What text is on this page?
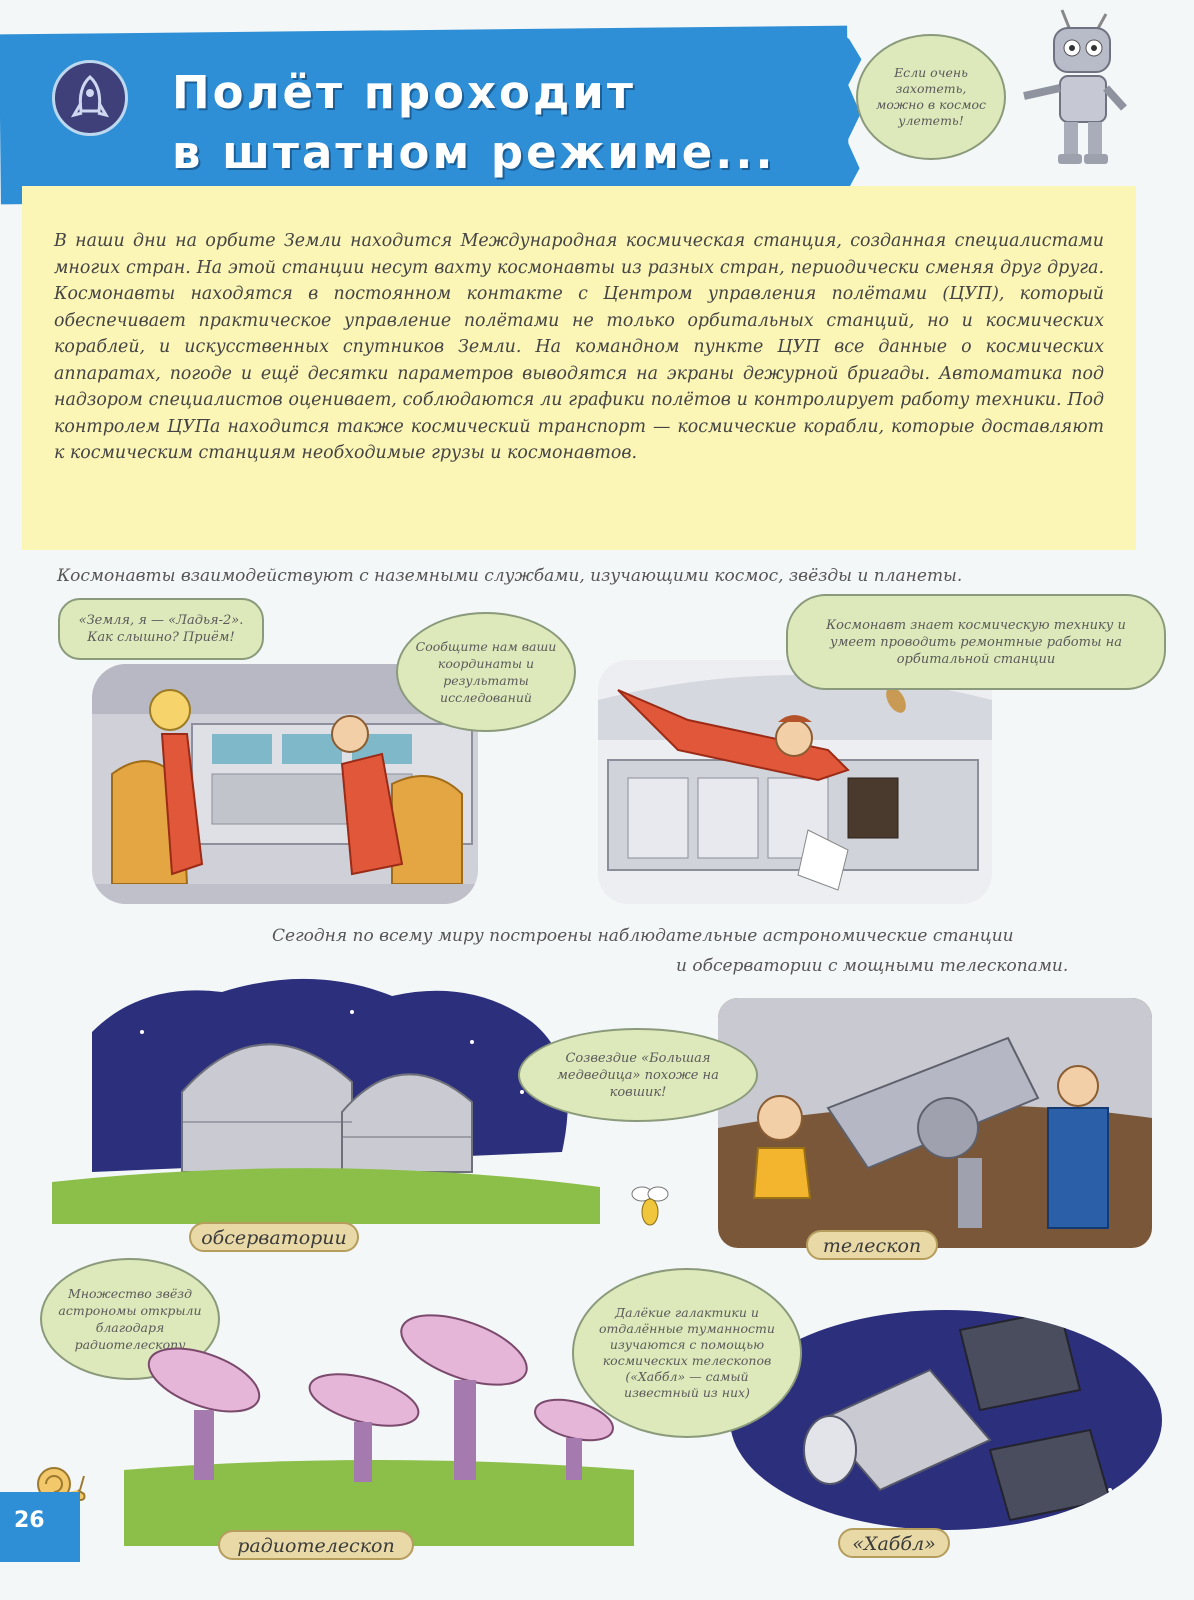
Полёт проходит
в штатном режиме...
Если очень захотеть, можно в космос улететь!
В наши дни на орбите Земли находится Международная космическая станция, созданная специалистами многих стран. На этой станции несут вахту космонавты из разных стран, периодически сменяя друг друга. Космонавты находятся в постоянном контакте с Центром управления полётами (ЦУП), который обеспечивает практическое управление полётами не только орбитальных станций, но и космических кораблей, и искусственных спутников Земли. На командном пункте ЦУП все данные о космических аппаратах, погоде и ещё десятки параметров выводятся на экраны дежурной бригады. Автоматика под надзором специалистов оценивает, соблюдаются ли графики полётов и контролирует работу техники. Под контролем ЦУПа находится также космический транспорт — космические корабли, которые доставляют к космическим станциям необходимые грузы и космонавтов.
Космонавты взаимодействуют с наземными службами, изучающими космос, звёзды и планеты.
«Земля, я — «Ладья-2». Как слышно? Приём!
Сообщите нам ваши координаты и результаты исследований
Космонавт знает космическую технику и умеет проводить ремонтные работы на орбитальной станции
Сегодня по всему миру построены наблюдательные астрономические станции
и обсерватории с мощными телескопами.
обсерватории
Созвездие «Большая медведица» похоже на ковшик!
телескоп
Множество звёзд астрономы открыли благодаря радиотелескопу
радиотелескоп
Далёкие галактики и отдалённые туманности изучаются с помощью космических телескопов («Хаббл» — самый известный из них)
«Хаббл»
26
